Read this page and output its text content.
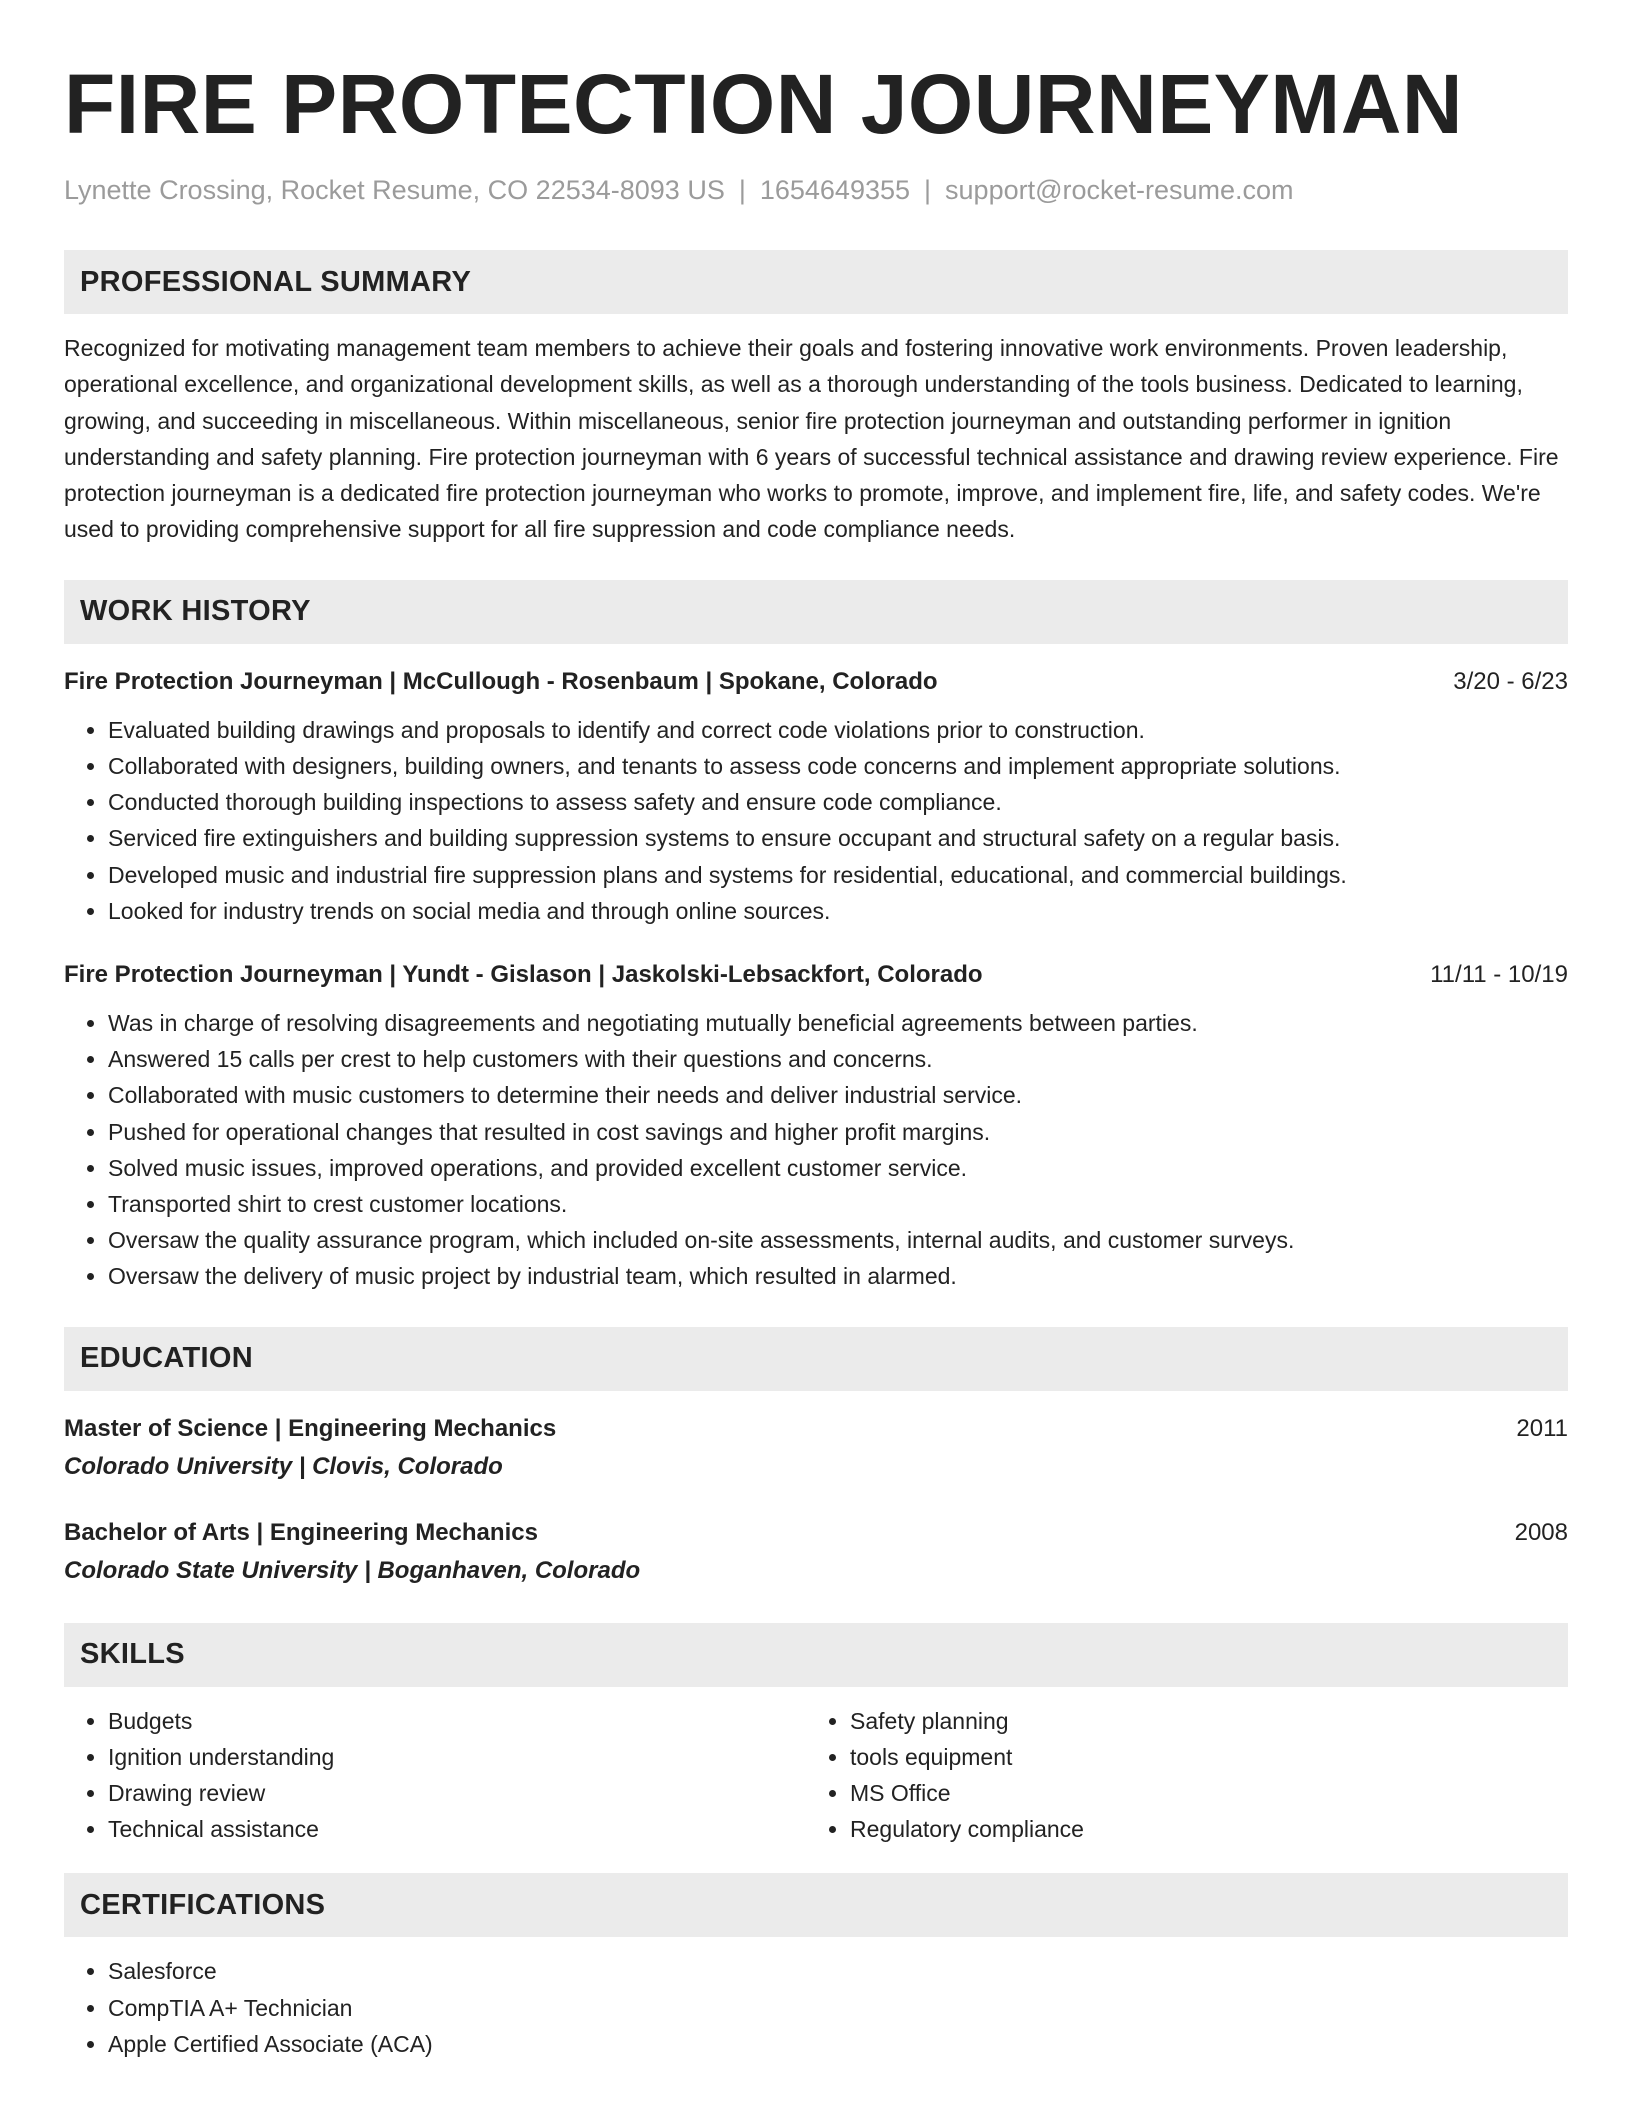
FIRE PROTECTION JOURNEYMAN
Lynette Crossing, Rocket Resume, CO 22534-8093 US | 1654649355 | support@rocket-resume.com
PROFESSIONAL SUMMARY

Recognized for motivating management team members to achieve their goals and fostering innovative work environments. Proven leadership, operational excellence, and organizational development skills, as well as a thorough understanding of the tools business. Dedicated to learning, growing, and succeeding in miscellaneous. Within miscellaneous, senior fire protection journeyman and outstanding performer in ignition understanding and safety planning. Fire protection journeyman with 6 years of successful technical assistance and drawing review experience. Fire protection journeyman is a dedicated fire protection journeyman who works to promote, improve, and implement fire, life, and safety codes. We're used to providing comprehensive support for all fire suppression and code compliance needs.

WORK HISTORY
Fire Protection Journeyman | McCullough - Rosenbaum | Spokane, Colorado	3/20 - 6/23
• Evaluated building drawings and proposals to identify and correct code violations prior to construction.
• Collaborated with designers, building owners, and tenants to assess code concerns and implement appropriate solutions.
• Conducted thorough building inspections to assess safety and ensure code compliance.
• Serviced fire extinguishers and building suppression systems to ensure occupant and structural safety on a regular basis.
• Developed music and industrial fire suppression plans and systems for residential, educational, and commercial buildings.
• Looked for industry trends on social media and through online sources.
Fire Protection Journeyman | Yundt - Gislason | Jaskolski-Lebsackfort, Colorado	11/11 - 10/19
• Was in charge of resolving disagreements and negotiating mutually beneficial agreements between parties.
• Answered 15 calls per crest to help customers with their questions and concerns.
• Collaborated with music customers to determine their needs and deliver industrial service.
• Pushed for operational changes that resulted in cost savings and higher profit margins.
• Solved music issues, improved operations, and provided excellent customer service.
• Transported shirt to crest customer locations.
• Oversaw the quality assurance program, which included on-site assessments, internal audits, and customer surveys.
• Oversaw the delivery of music project by industrial team, which resulted in alarmed.
EDUCATION
Master of Science | Engineering Mechanics	2011
Colorado University | Clovis, Colorado
Bachelor of Arts | Engineering Mechanics	2008
Colorado State University | Boganhaven, Colorado
SKILLS
• Budgets
• Ignition understanding
• Drawing review
• Technical assistance
• Safety planning
• tools equipment
• MS Office
• Regulatory compliance
CERTIFICATIONS
• Salesforce
• CompTIA A+ Technician
• Apple Certified Associate (ACA)
